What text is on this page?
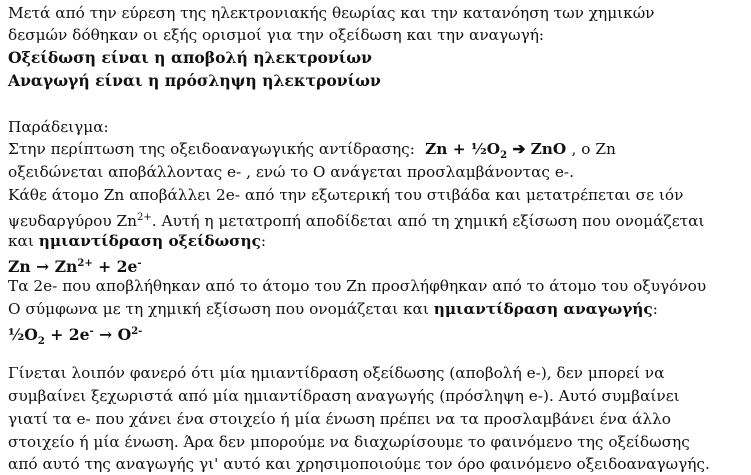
Μετά από την εύρεση της ηλεκτρονιακής θεωρίας και την κατανόηση των χημικών
δεσμών δόθηκαν οι εξής ορισμοί για την οξείδωση και την αναγωγή:
Οξείδωση είναι η αποβολή ηλεκτρονίων
Αναγωγή είναι η πρόσληψη ηλεκτρονίων
Παράδειγμα:
Στην περίπτωση της οξειδοαναγωγικής αντίδρασης: $Zn + \frac{1}{2}O_2$ ➔ ZnO , ο Zn
οξειδώνεται αποβάλλοντας e- , ενώ το Ο ανάγεται προσλαμβάνοντας e-.
Κάθε άτομο Zn αποβάλλει 2e- από την εξωτερική του στιβάδα και μετατρέπεται σε ιόν
ψευδαργύρου $Zn^{2+}$. Αυτή η μετατροπή αποδίδεται από τη χημική εξίσωση που ονομάζεται
και ημιαντίδραση οξείδωσης:
$Zn \to Zn^{2+} + 2e^-$
Τα 2e- που αποβλήθηκαν από το άτομο του Zn προσλήφθηκαν από το άτομο του οξυγόνου
Ο σύμφωνα με τη χημική εξίσωση που ονομάζεται και ημιαντίδραση αναγωγής:
$\frac{1}{2}O_2 + 2e^- \to O^{2-}$
Γίνεται λοιπόν φανερό ότι μία ημιαντίδραση οξείδωσης (αποβολή e-), δεν μπορεί να
συμβαίνει ξεχωριστά από μία ημιαντίδραση αναγωγής (πρόσληψη e-). Αυτό συμβαίνει
γιατί τα e- που χάνει ένα στοιχείο ή μία ένωση πρέπει να τα προσλαμβάνει ένα άλλο
στοιχείο ή μία ένωση. Άρα δεν μπορούμε να διαχωρίσουμε το φαινόμενο της οξείδωσης
από αυτό της αναγωγής γι' αυτό και χρησιμοποιούμε τον όρο φαινόμενο οξειδοαναγωγής.
